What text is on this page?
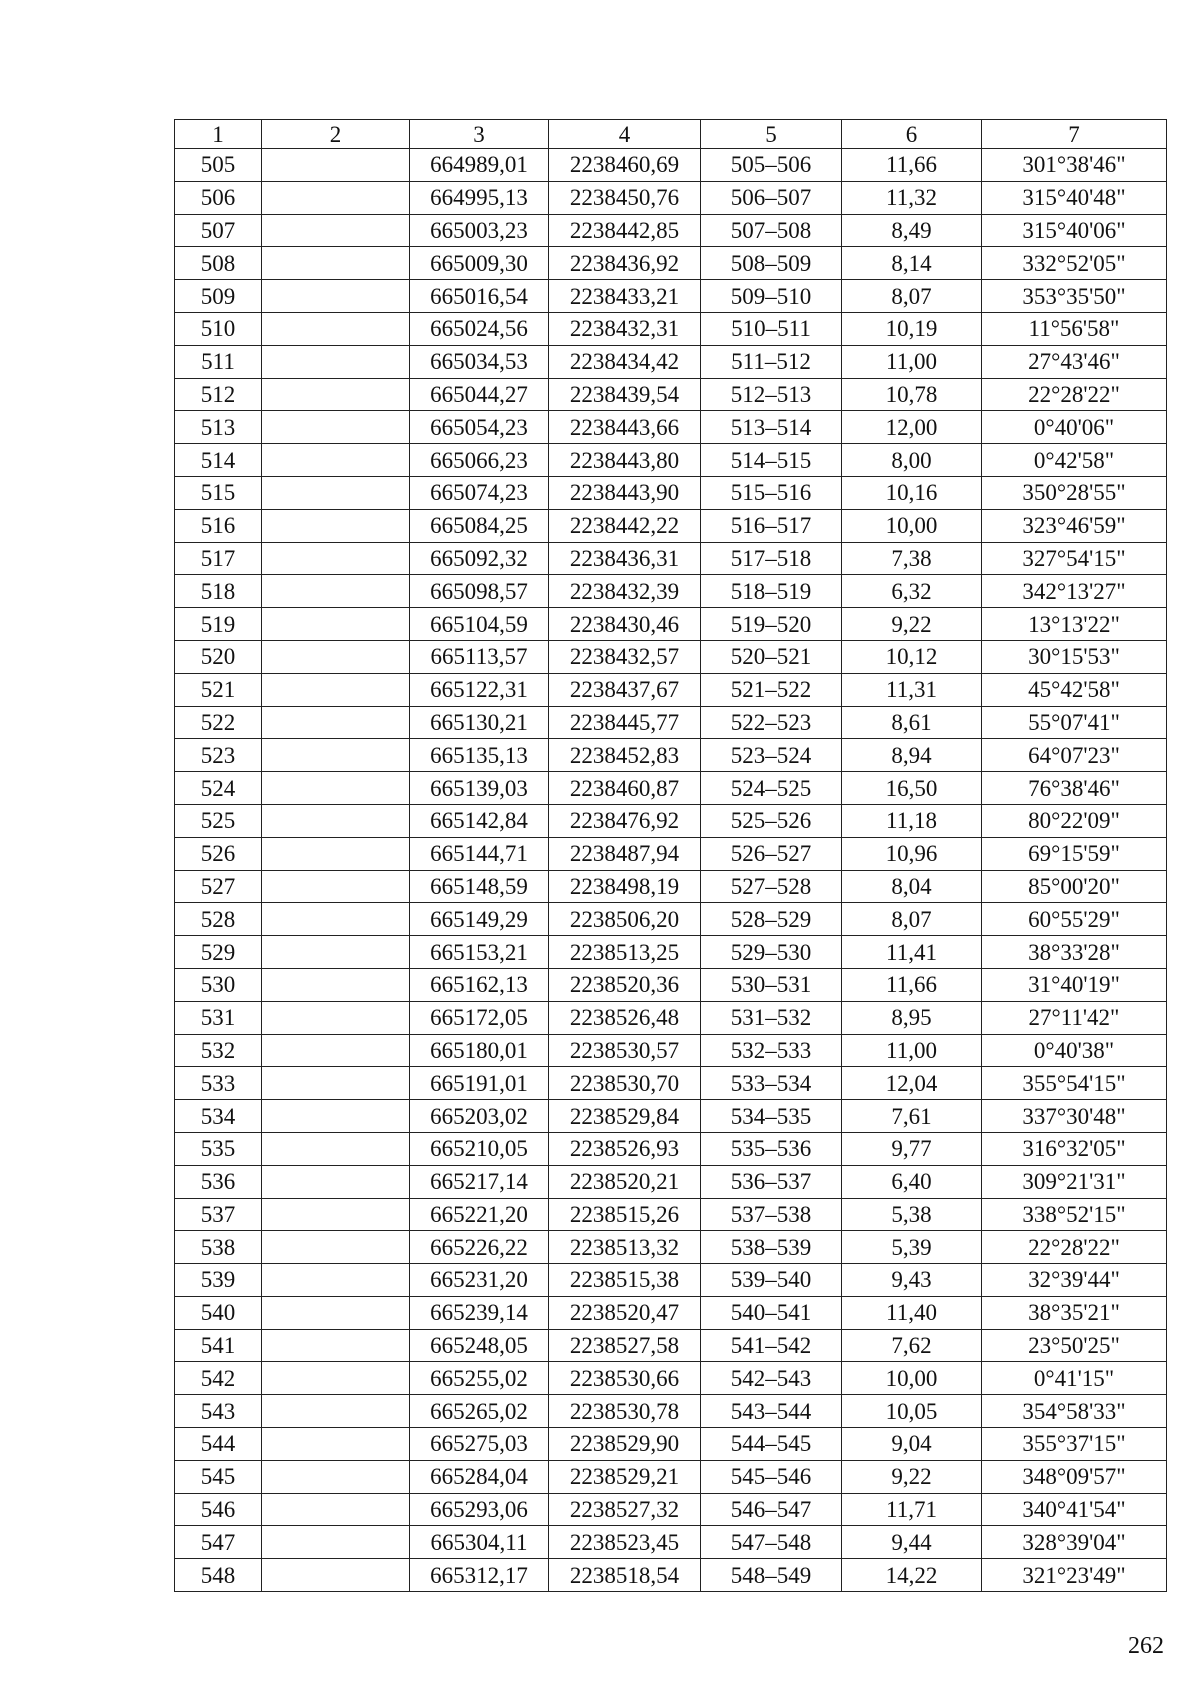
1	2	3	4	5	6	7
505		664989,01	2238460,69	505–506	11,66	301°38'46"
506		664995,13	2238450,76	506–507	11,32	315°40'48"
507		665003,23	2238442,85	507–508	8,49	315°40'06"
508		665009,30	2238436,92	508–509	8,14	332°52'05"
509		665016,54	2238433,21	509–510	8,07	353°35'50"
510		665024,56	2238432,31	510–511	10,19	11°56'58"
511		665034,53	2238434,42	511–512	11,00	27°43'46"
512		665044,27	2238439,54	512–513	10,78	22°28'22"
513		665054,23	2238443,66	513–514	12,00	0°40'06"
514		665066,23	2238443,80	514–515	8,00	0°42'58"
515		665074,23	2238443,90	515–516	10,16	350°28'55"
516		665084,25	2238442,22	516–517	10,00	323°46'59"
517		665092,32	2238436,31	517–518	7,38	327°54'15"
518		665098,57	2238432,39	518–519	6,32	342°13'27"
519		665104,59	2238430,46	519–520	9,22	13°13'22"
520		665113,57	2238432,57	520–521	10,12	30°15'53"
521		665122,31	2238437,67	521–522	11,31	45°42'58"
522		665130,21	2238445,77	522–523	8,61	55°07'41"
523		665135,13	2238452,83	523–524	8,94	64°07'23"
524		665139,03	2238460,87	524–525	16,50	76°38'46"
525		665142,84	2238476,92	525–526	11,18	80°22'09"
526		665144,71	2238487,94	526–527	10,96	69°15'59"
527		665148,59	2238498,19	527–528	8,04	85°00'20"
528		665149,29	2238506,20	528–529	8,07	60°55'29"
529		665153,21	2238513,25	529–530	11,41	38°33'28"
530		665162,13	2238520,36	530–531	11,66	31°40'19"
531		665172,05	2238526,48	531–532	8,95	27°11'42"
532		665180,01	2238530,57	532–533	11,00	0°40'38"
533		665191,01	2238530,70	533–534	12,04	355°54'15"
534		665203,02	2238529,84	534–535	7,61	337°30'48"
535		665210,05	2238526,93	535–536	9,77	316°32'05"
536		665217,14	2238520,21	536–537	6,40	309°21'31"
537		665221,20	2238515,26	537–538	5,38	338°52'15"
538		665226,22	2238513,32	538–539	5,39	22°28'22"
539		665231,20	2238515,38	539–540	9,43	32°39'44"
540		665239,14	2238520,47	540–541	11,40	38°35'21"
541		665248,05	2238527,58	541–542	7,62	23°50'25"
542		665255,02	2238530,66	542–543	10,00	0°41'15"
543		665265,02	2238530,78	543–544	10,05	354°58'33"
544		665275,03	2238529,90	544–545	9,04	355°37'15"
545		665284,04	2238529,21	545–546	9,22	348°09'57"
546		665293,06	2238527,32	546–547	11,71	340°41'54"
547		665304,11	2238523,45	547–548	9,44	328°39'04"
548		665312,17	2238518,54	548–549	14,22	321°23'49"
262
